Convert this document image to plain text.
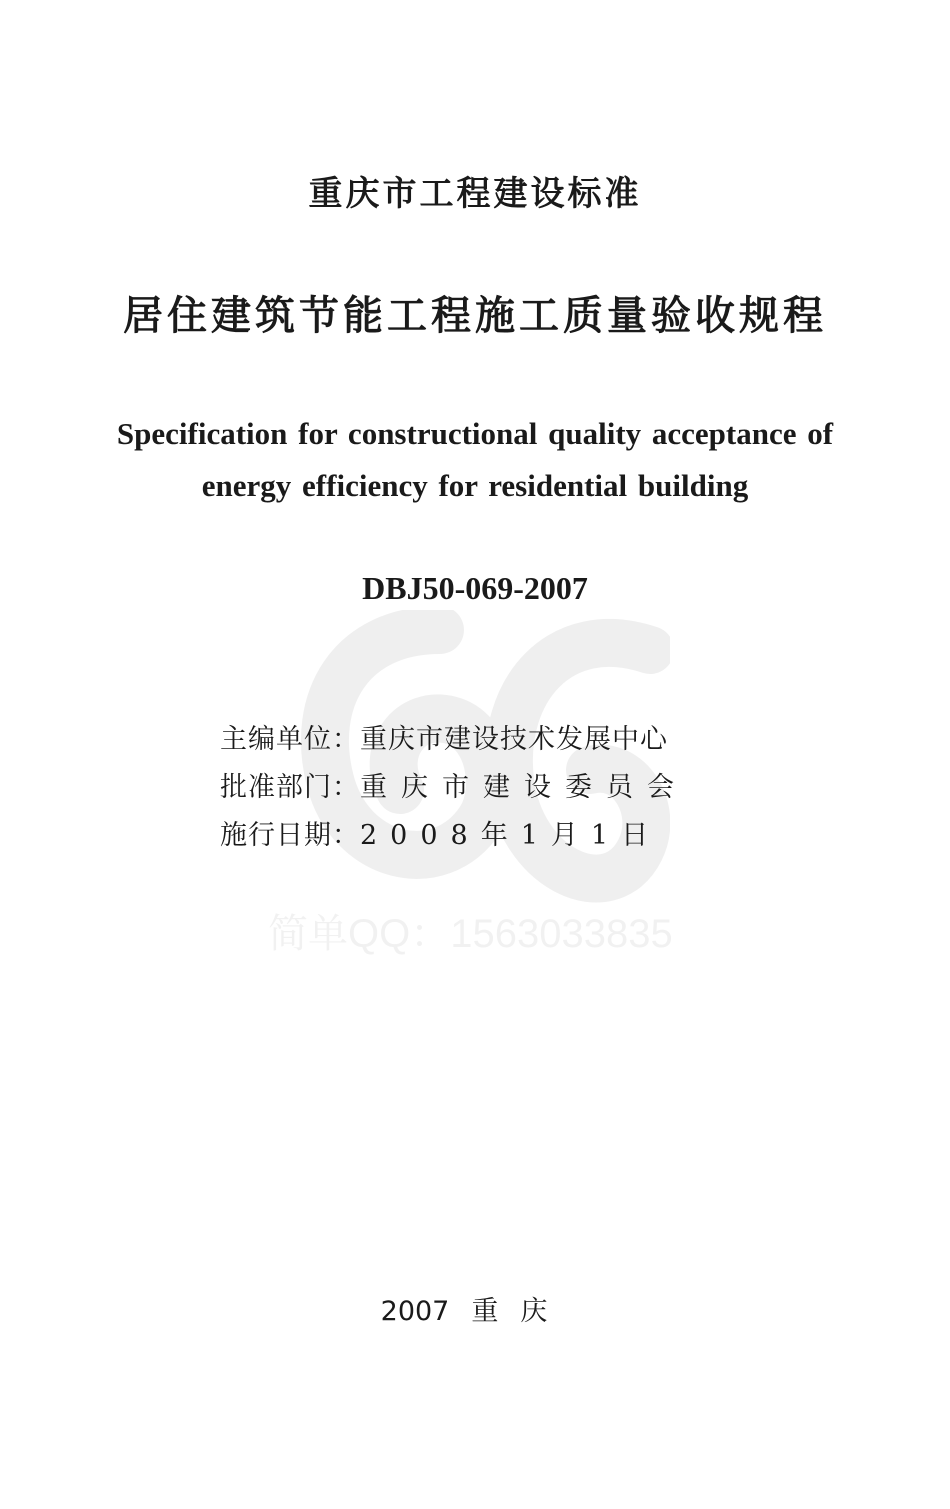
简单QQ：1563033835
重庆市工程建设标准
居住建筑节能工程施工质量验收规程
Specification for constructional quality acceptance of
energy efficiency for residential building
DBJ50-069-2007
主编单位： 重庆市建设技术发展中心
批准部门： 重庆市建设委员会
施行日期： 2008年1月1日
2007 重庆
